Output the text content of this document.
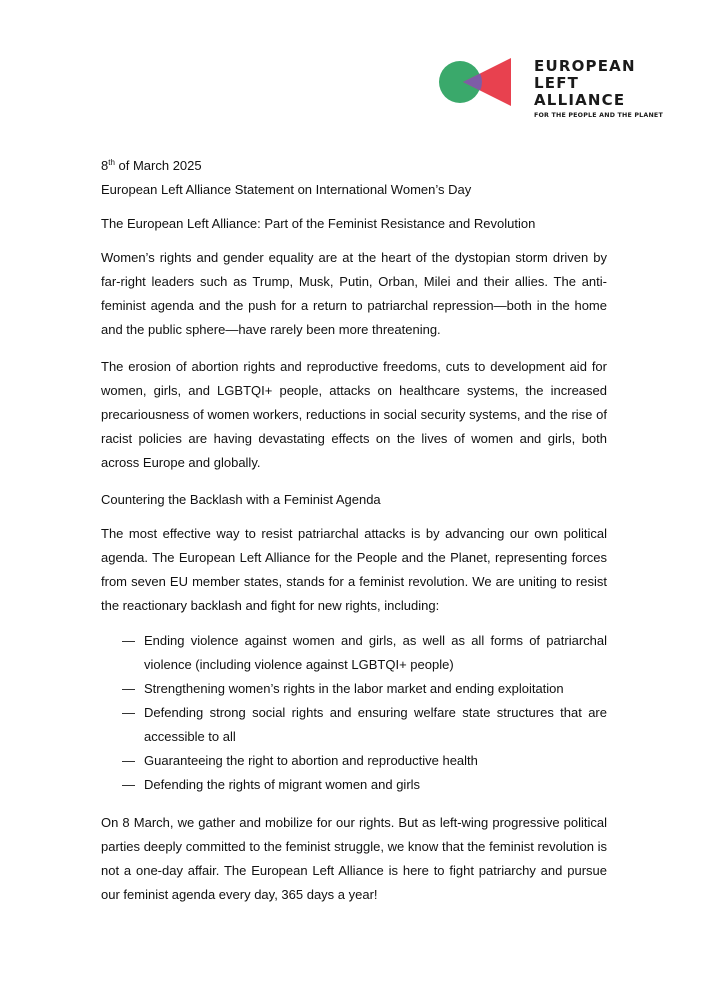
EUROPEAN
LEFT ALLIANCE
FOR THE PEOPLE AND THE PLANET

8th of March 2025

European Left Alliance Statement on International Women’s Day

The European Left Alliance: Part of the Feminist Resistance and Revolution

Women’s rights and gender equality are at the heart of the dystopian storm driven by far-right leaders such as Trump, Musk, Putin, Orban, Milei and their allies. The anti-feminist agenda and the push for a return to patriarchal repression—both in the home and the public sphere—have rarely been more threatening.

The erosion of abortion rights and reproductive freedoms, cuts to development aid for women, girls, and LGBTQI+ people, attacks on healthcare systems, the increased precariousness of women workers, reductions in social security systems, and the rise of racist policies are having devastating effects on the lives of women and girls, both across Europe and globally.

Countering the Backlash with a Feminist Agenda

The most effective way to resist patriarchal attacks is by advancing our own political agenda. The European Left Alliance for the People and the Planet, representing forces from seven EU member states, stands for a feminist revolution. We are uniting to resist the reactionary backlash and fight for new rights, including:

— Ending violence against women and girls, as well as all forms of patriarchal violence (including violence against LGBTQI+ people)
— Strengthening women’s rights in the labor market and ending exploitation
— Defending strong social rights and ensuring welfare state structures that are accessible to all
— Guaranteeing the right to abortion and reproductive health
— Defending the rights of migrant women and girls

On 8 March, we gather and mobilize for our rights. But as left-wing progressive political parties deeply committed to the feminist struggle, we know that the feminist revolution is not a one-day affair. The European Left Alliance is here to fight patriarchy and pursue our feminist agenda every day, 365 days a year!
